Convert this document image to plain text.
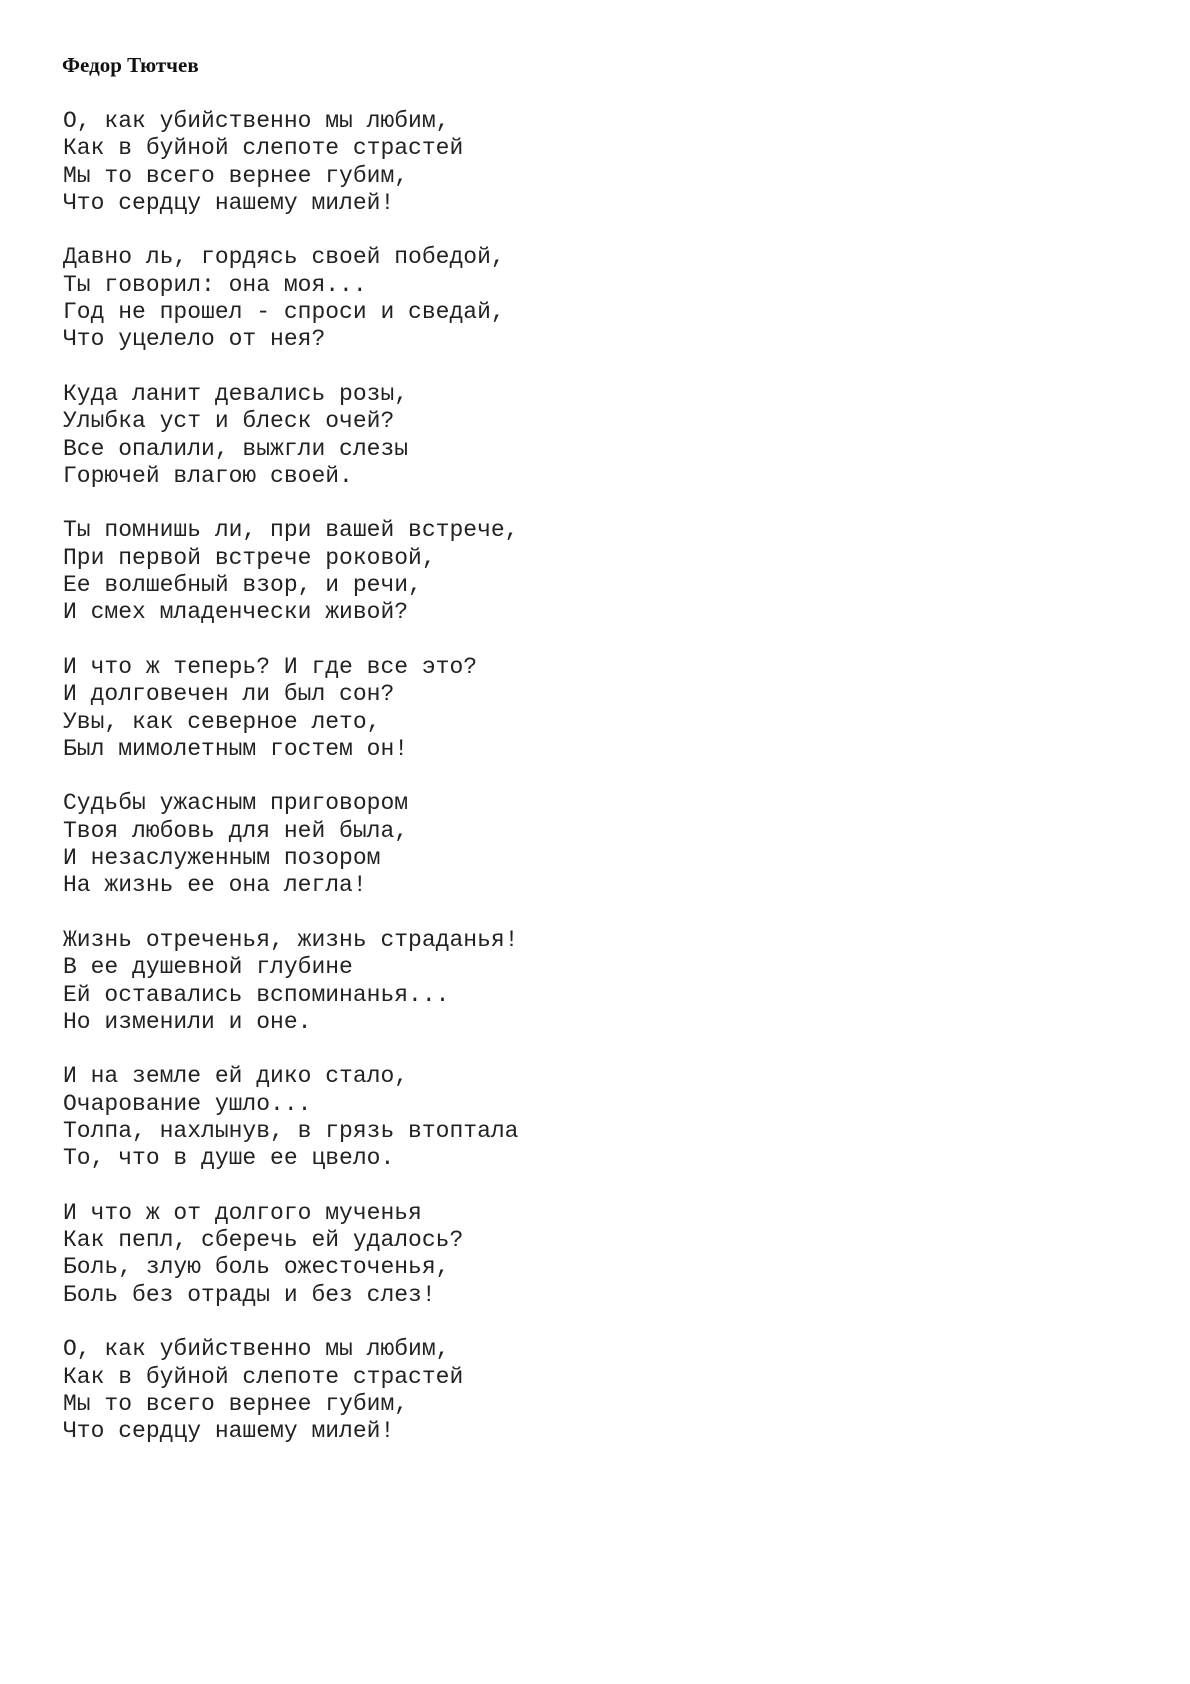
Федор Тютчев
О, как убийственно мы любим,
Как в буйной слепоте страстей
Мы то всего вернее губим,
Что сердцу нашему милей!
Давно ль, гордясь своей победой,
Ты говорил: она моя...
Год не прошел - спроси и сведай,
Что уцелело от нея?
Куда ланит девались розы,
Улыбка уст и блеск очей?
Все опалили, выжгли слезы
Горючей влагою своей.
Ты помнишь ли, при вашей встрече,
При первой встрече роковой,
Ее волшебный взор, и речи,
И смех младенчески живой?
И что ж теперь? И где все это?
И долговечен ли был сон?
Увы, как северное лето,
Был мимолетным гостем он!
Судьбы ужасным приговором
Твоя любовь для ней была,
И незаслуженным позором
На жизнь ее она легла!
Жизнь отреченья, жизнь страданья!
В ее душевной глубине
Ей оставались вспоминанья...
Но изменили и оне.
И на земле ей дико стало,
Очарование ушло...
Толпа, нахлынув, в грязь втоптала
То, что в душе ее цвело.
И что ж от долгого мученья
Как пепл, сберечь ей удалось?
Боль, злую боль ожесточенья,
Боль без отрады и без слез!
О, как убийственно мы любим,
Как в буйной слепоте страстей
Мы то всего вернее губим,
Что сердцу нашему милей!
